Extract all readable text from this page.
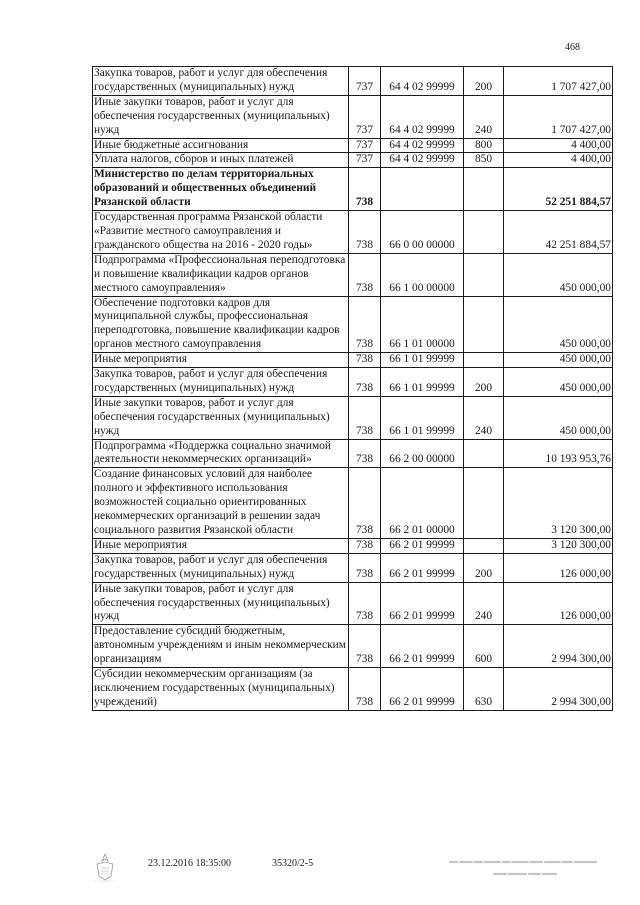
468
Закупка товаров, работ и услуг для обеспечения государственных (муниципальных) нужд	737	64 4 02 99999	200	1 707 427,00
Иные закупки товаров, работ и услуг для обеспечения государственных (муниципальных) нужд	737	64 4 02 99999	240	1 707 427,00
Иные бюджетные ассигнования	737	64 4 02 99999	800	4 400,00
Уплата налогов, сборов и иных платежей	737	64 4 02 99999	850	4 400,00
Министерство по делам территориальных образований и общественных объединений Рязанской области	738			52 251 884,57
Государственная программа Рязанской области «Развитие местного самоуправления и гражданского общества на 2016 - 2020 годы»	738	66 0 00 00000		42 251 884,57
Подпрограмма «Профессиональная переподготовка и повышение квалификации кадров органов местного самоуправления»	738	66 1 00 00000		450 000,00
Обеспечение подготовки кадров для муниципальной службы, профессиональная переподготовка, повышение квалификации кадров органов местного самоуправления	738	66 1 01 00000		450 000,00
Иные мероприятия	738	66 1 01 99999		450 000,00
Закупка товаров, работ и услуг для обеспечения государственных (муниципальных) нужд	738	66 1 01 99999	200	450 000,00
Иные закупки товаров, работ и услуг для обеспечения государственных (муниципальных) нужд	738	66 1 01 99999	240	450 000,00
Подпрограмма «Поддержка социально значимой деятельности некоммерческих организаций»	738	66 2 00 00000		10 193 953,76
Создание финансовых условий для наиболее полного и эффективного использования возможностей социально ориентированных некоммерческих организаций в решении задач социального развития Рязанской области	738	66 2 01 00000		3 120 300,00
Иные мероприятия	738	66 2 01 99999		3 120 300,00
Закупка товаров, работ и услуг для обеспечения государственных (муниципальных) нужд	738	66 2 01 99999	200	126 000,00
Иные закупки товаров, работ и услуг для обеспечения государственных (муниципальных) нужд	738	66 2 01 99999	240	126 000,00
Предоставление субсидий бюджетным, автономным учреждениям и иным некоммерческим организациям	738	66 2 01 99999	600	2 994 300,00
Субсидии некоммерческим организациям (за исключением государственных (муниципальных) учреждений)	738	66 2 01 99999	630	2 994 300,00
23.12.2016 18:35:00	35320/2-5
